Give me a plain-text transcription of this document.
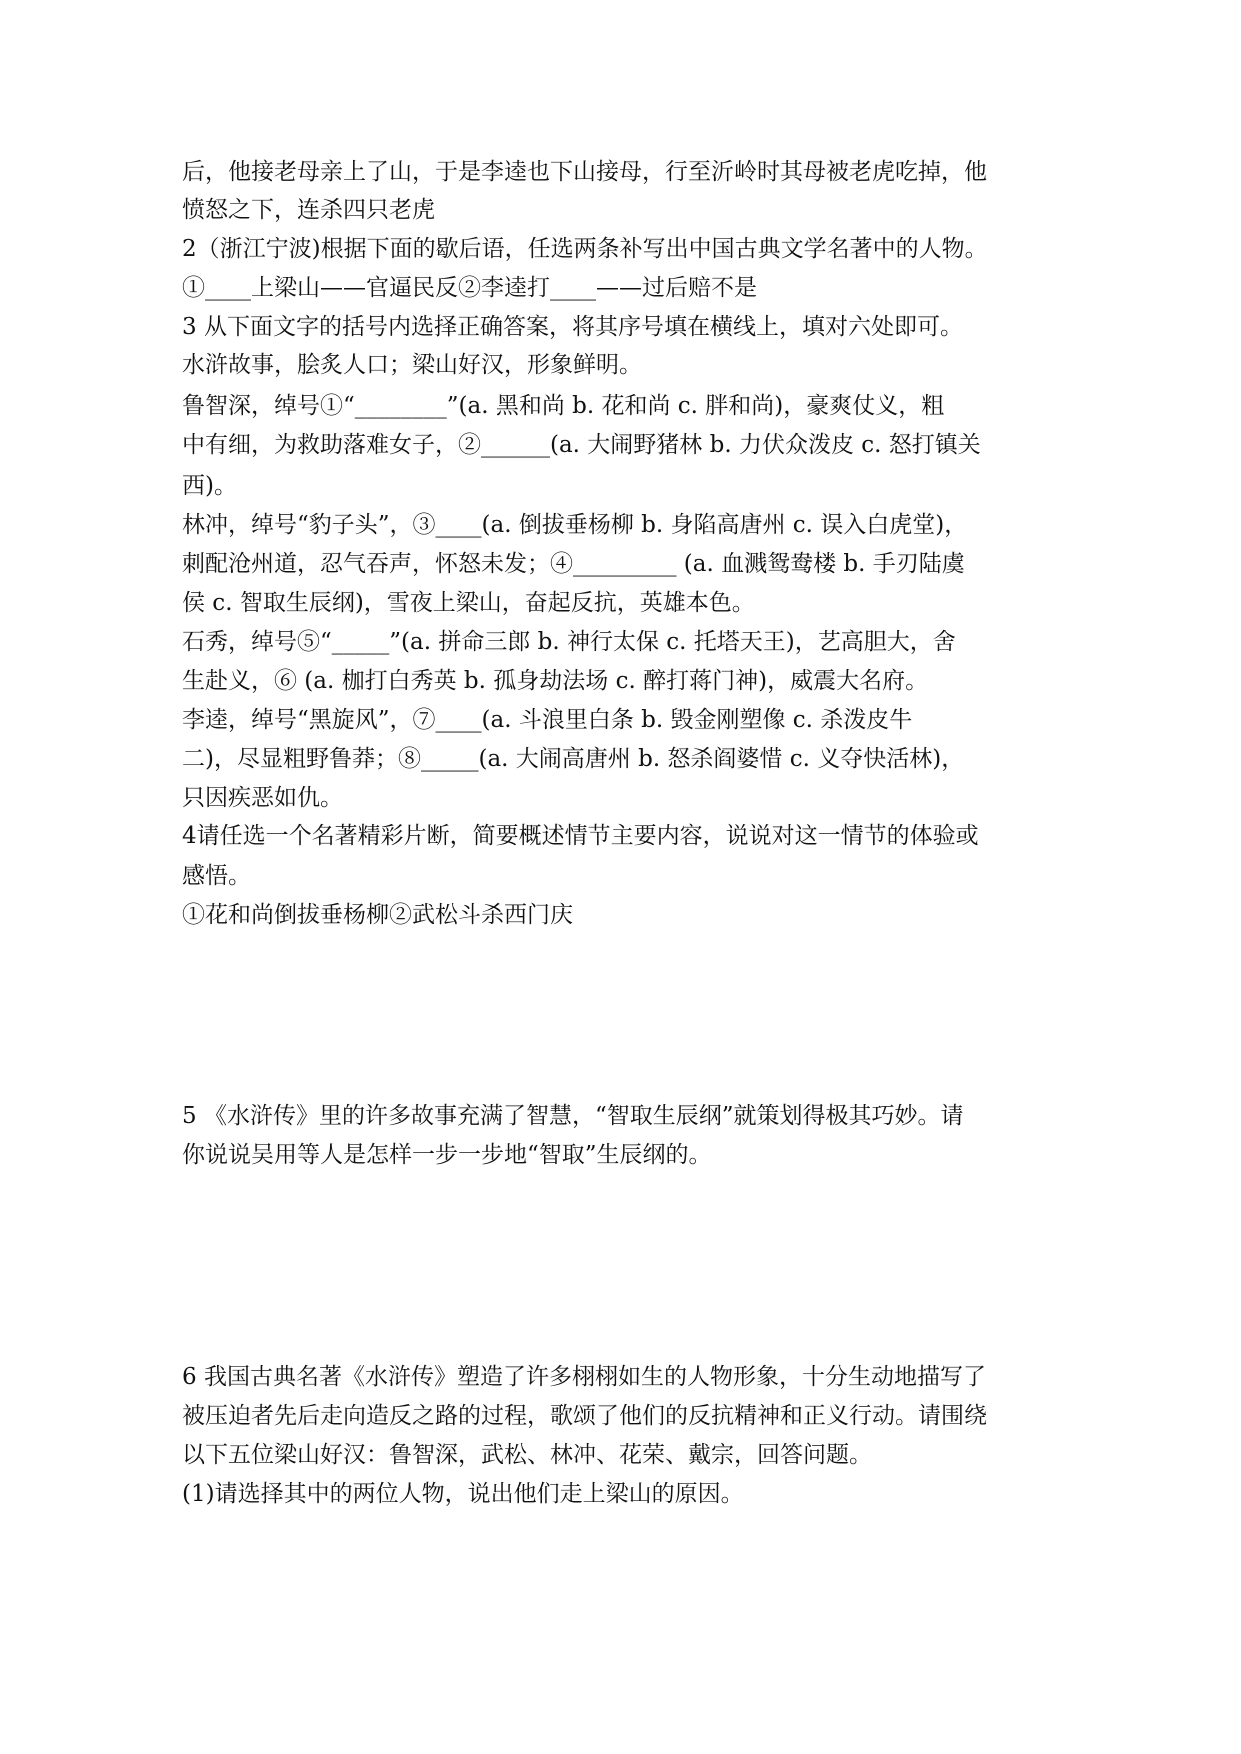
后，他接老母亲上了山，于是李逵也下山接母，行至沂岭时其母被老虎吃掉，他
愤怒之下，连杀四只老虎
2（浙江宁波)根据下面的歇后语，任选两条补写出中国古典文学名著中的人物。
①____上梁山——官逼民反②李逵打____——过后赔不是
3 从下面文字的括号内选择正确答案，将其序号填在横线上，填对六处即可。
水浒故事，脍炙人口；梁山好汉，形象鲜明。
鲁智深，绰号①“________”(a. 黑和尚 b. 花和尚 c. 胖和尚)，豪爽仗义，粗
中有细，为救助落难女子，②______(a. 大闹野猪林 b. 力伏众泼皮 c. 怒打镇关
西)。
林冲，绰号“豹子头”，③____(a. 倒拔垂杨柳 b. 身陷高唐州 c. 误入白虎堂)，
刺配沧州道，忍气吞声，怀怒未发；④_________ (a. 血溅鸳鸯楼 b. 手刃陆虞
侯 c. 智取生辰纲)，雪夜上梁山，奋起反抗，英雄本色。
石秀，绰号⑤“_____”(a. 拼命三郎 b. 神行太保 c. 托塔天王)，艺高胆大，舍
生赴义，⑥ (a. 枷打白秀英 b. 孤身劫法场 c. 醉打蒋门神)，威震大名府。
李逵，绰号“黑旋风”，⑦____(a. 斗浪里白条 b. 毁金刚塑像 c. 杀泼皮牛
二)，尽显粗野鲁莽；⑧_____(a. 大闹高唐州 b. 怒杀阎婆惜 c. 义夺快活林)，
只因疾恶如仇。
4请任选一个名著精彩片断，简要概述情节主要内容，说说对这一情节的体验或
感悟。
①花和尚倒拔垂杨柳②武松斗杀西门庆
5 《水浒传》里的许多故事充满了智慧，“智取生辰纲”就策划得极其巧妙。请
你说说吴用等人是怎样一步一步地“智取”生辰纲的。
6 我国古典名著《水浒传》塑造了许多栩栩如生的人物形象，十分生动地描写了
被压迫者先后走向造反之路的过程，歌颂了他们的反抗精神和正义行动。请围绕
以下五位梁山好汉：鲁智深，武松、林冲、花荣、戴宗，回答问题。
(1)请选择其中的两位人物，说出他们走上梁山的原因。
